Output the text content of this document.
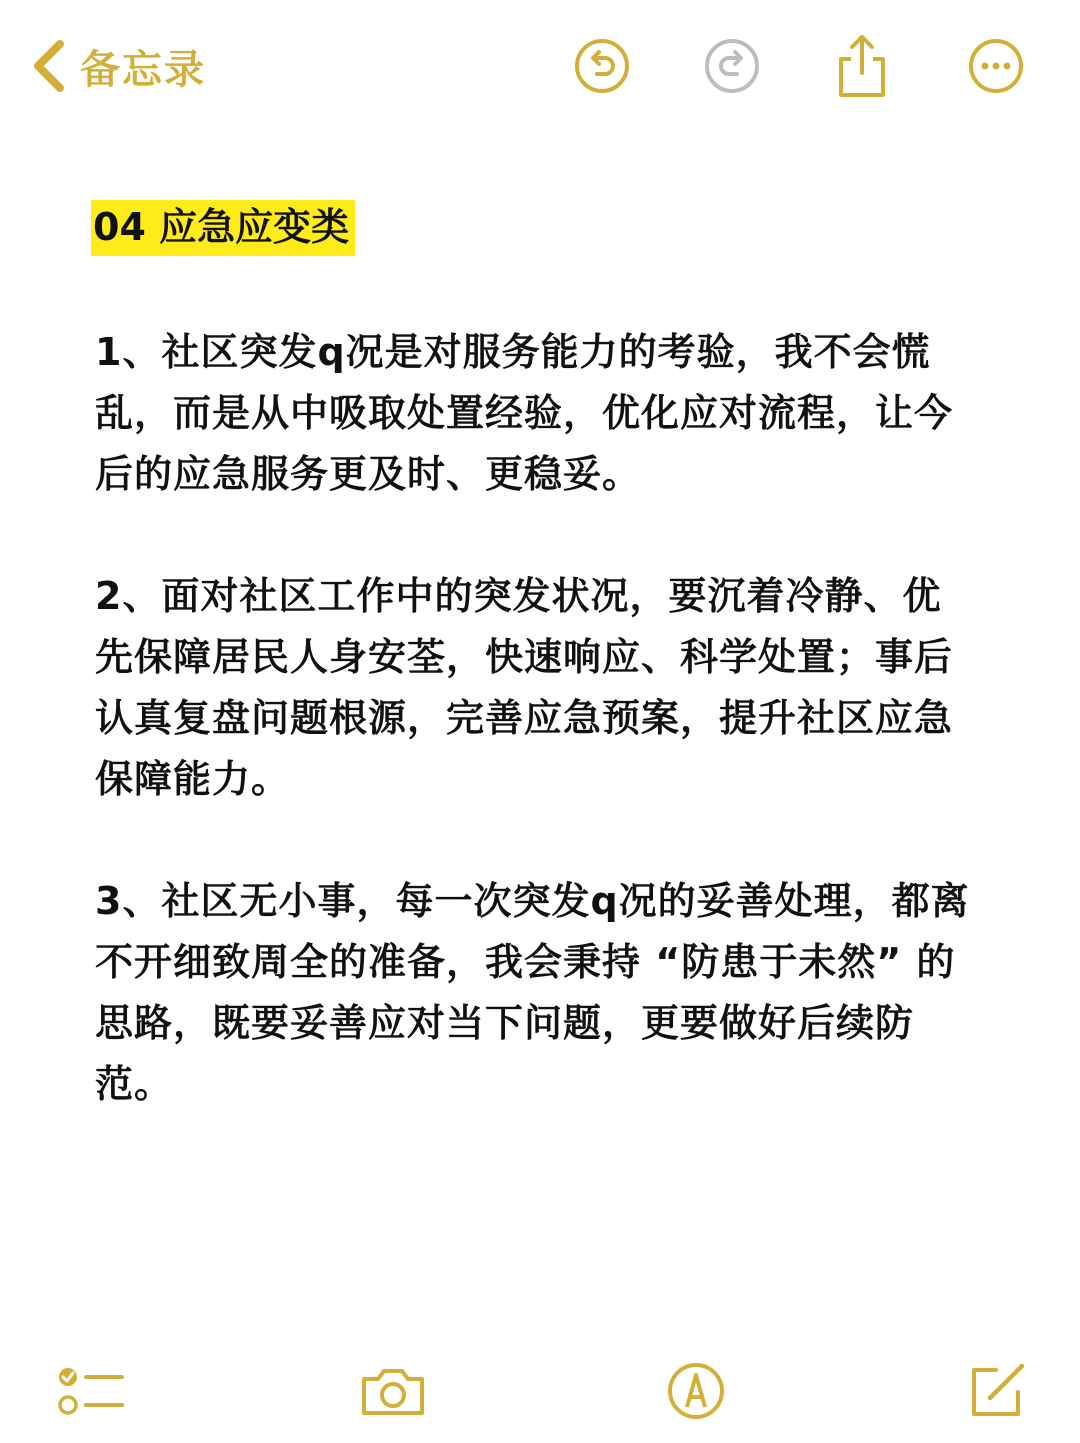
备忘录
04 应急应变类

1、社区突发q况是对服务能力的考验，我不会慌乱，而是从中吸取处置经验，优化应对流程，让今后的应急服务更及时、更稳妥。

2、面对社区工作中的突发状况，要沉着冷静、优先保障居民人身安荃，快速响应、科学处置；事后认真复盘问题根源，完善应急预案，提升社区应急保障能力。

3、社区无小事，每一次突发q况的妥善处理，都离不开细致周全的准备，我会秉持 “防患于未然” 的思路，既要妥善应对当下问题，更要做好后续防范。
